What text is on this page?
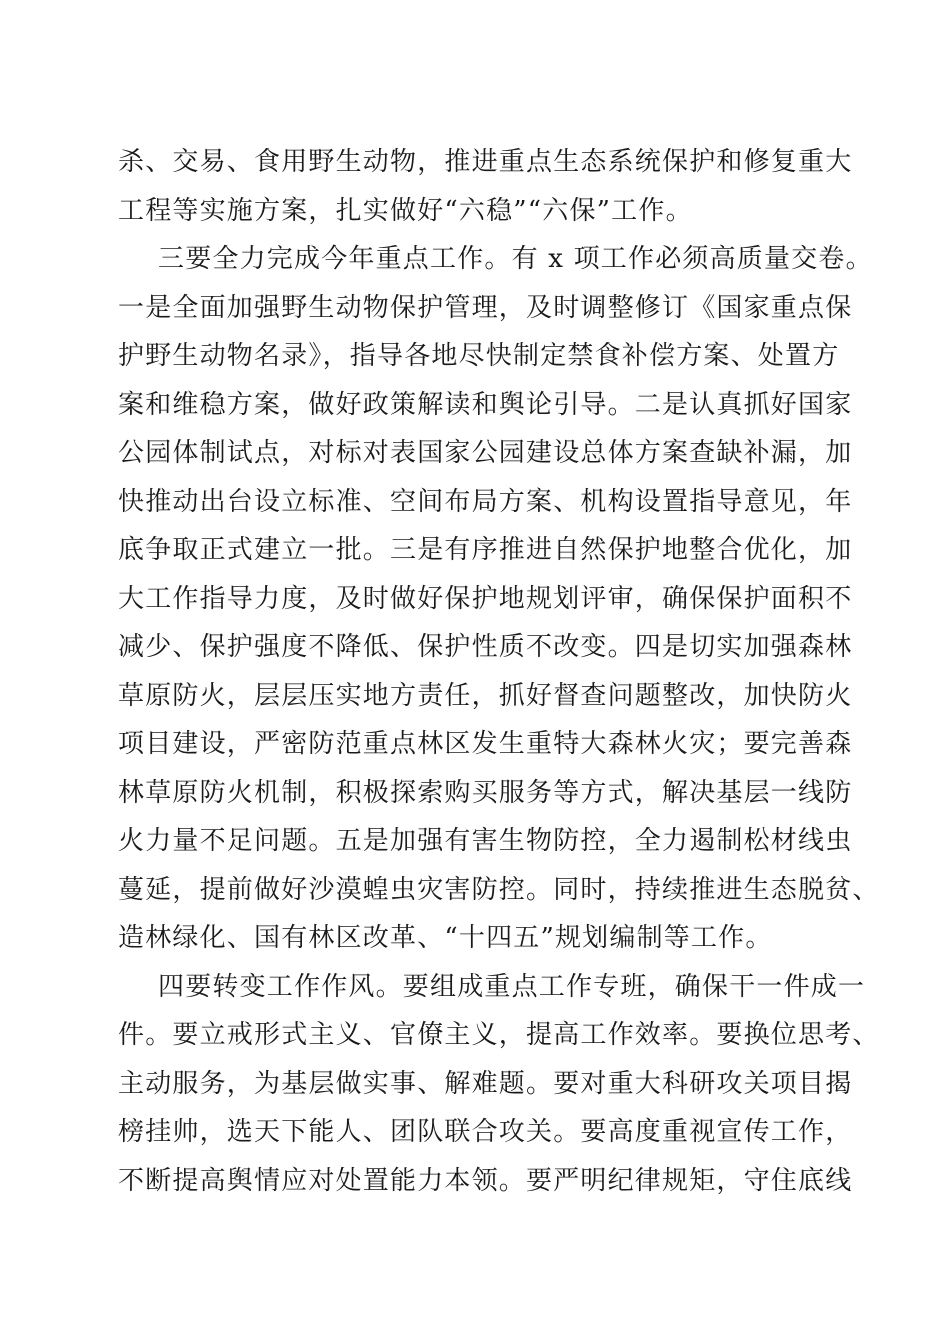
杀、交易、食用野生动物，推进重点生态系统保护和修复重大
工程等实施方案，扎实做好“六稳”“六保”工作。
三要全力完成今年重点工作。有 x 项工作必须高质量交卷。
一是全面加强野生动物保护管理，及时调整修订《国家重点保
护野生动物名录》，指导各地尽快制定禁食补偿方案、处置方
案和维稳方案，做好政策解读和舆论引导。二是认真抓好国家
公园体制试点，对标对表国家公园建设总体方案查缺补漏，加
快推动出台设立标准、空间布局方案、机构设置指导意见，年
底争取正式建立一批。三是有序推进自然保护地整合优化，加
大工作指导力度，及时做好保护地规划评审，确保保护面积不
减少、保护强度不降低、保护性质不改变。四是切实加强森林
草原防火，层层压实地方责任，抓好督查问题整改，加快防火
项目建设，严密防范重点林区发生重特大森林火灾；要完善森
林草原防火机制，积极探索购买服务等方式，解决基层一线防
火力量不足问题。五是加强有害生物防控，全力遏制松材线虫
蔓延，提前做好沙漠蝗虫灾害防控。同时，持续推进生态脱贫、
造林绿化、国有林区改革、“十四五”规划编制等工作。
四要转变工作作风。要组成重点工作专班，确保干一件成一
件。要立戒形式主义、官僚主义，提高工作效率。要换位思考、
主动服务，为基层做实事、解难题。要对重大科研攻关项目揭
榜挂帅，选天下能人、团队联合攻关。要高度重视宣传工作，
不断提高舆情应对处置能力本领。要严明纪律规矩，守住底线
